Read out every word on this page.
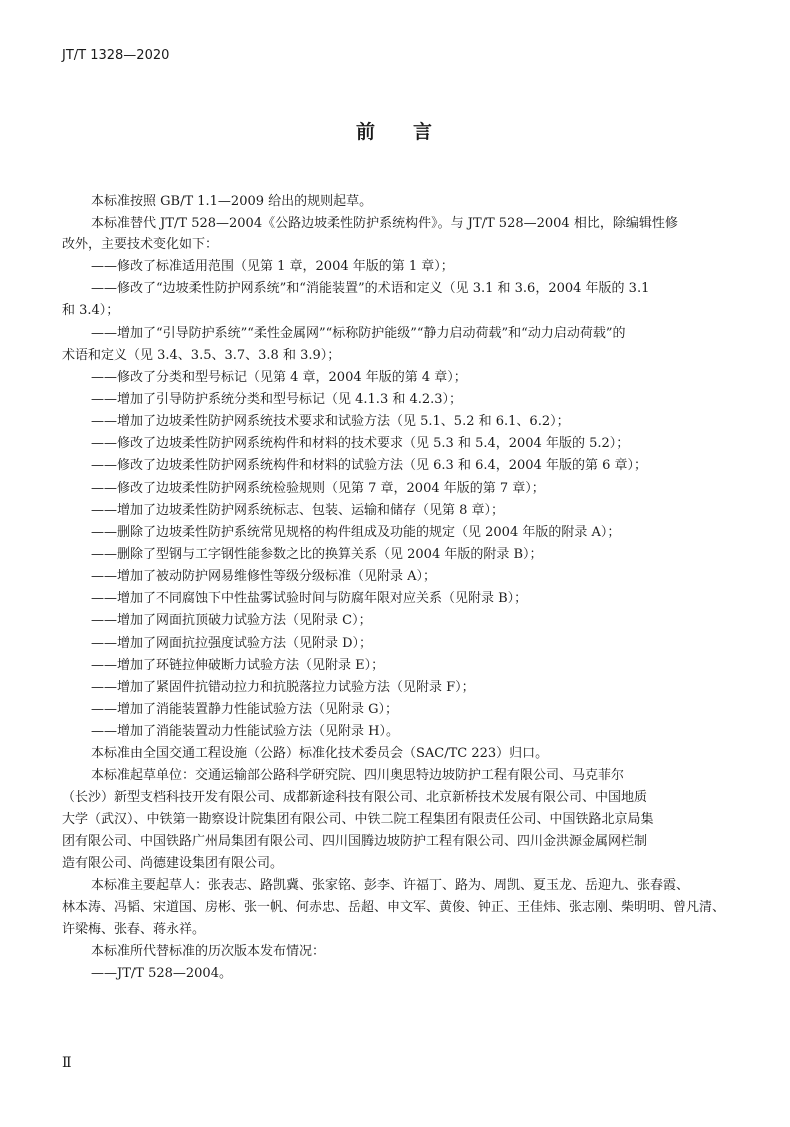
JT/T 1328—2020
前 言
本标准按照 GB/T 1.1—2009 给出的规则起草。
本标准替代 JT/T 528—2004《公路边坡柔性防护系统构件》。与 JT/T 528—2004 相比，除编辑性修
改外，主要技术变化如下：
——修改了标准适用范围（见第 1 章，2004 年版的第 1 章）；
——修改了“边坡柔性防护网系统”和“消能装置”的术语和定义（见 3.1 和 3.6，2004 年版的 3.1
和 3.4）；
——增加了“引导防护系统”“柔性金属网”“标称防护能级”“静力启动荷载”和“动力启动荷载”的
术语和定义（见 3.4、3.5、3.7、3.8 和 3.9）；
——修改了分类和型号标记（见第 4 章，2004 年版的第 4 章）；
——增加了引导防护系统分类和型号标记（见 4.1.3 和 4.2.3）；
——增加了边坡柔性防护网系统技术要求和试验方法（见 5.1、5.2 和 6.1、6.2）；
——修改了边坡柔性防护网系统构件和材料的技术要求（见 5.3 和 5.4，2004 年版的 5.2）；
——修改了边坡柔性防护网系统构件和材料的试验方法（见 6.3 和 6.4，2004 年版的第 6 章）；
——修改了边坡柔性防护网系统检验规则（见第 7 章，2004 年版的第 7 章）；
——增加了边坡柔性防护网系统标志、包装、运输和储存（见第 8 章）；
——删除了边坡柔性防护系统常见规格的构件组成及功能的规定（见 2004 年版的附录 A）；
——删除了型钢与工字钢性能参数之比的换算关系（见 2004 年版的附录 B）；
——增加了被动防护网易维修性等级分级标准（见附录 A）；
——增加了不同腐蚀下中性盐雾试验时间与防腐年限对应关系（见附录 B）；
——增加了网面抗顶破力试验方法（见附录 C）；
——增加了网面抗拉强度试验方法（见附录 D）；
——增加了环链拉伸破断力试验方法（见附录 E）；
——增加了紧固件抗错动拉力和抗脱落拉力试验方法（见附录 F）；
——增加了消能装置静力性能试验方法（见附录 G）；
——增加了消能装置动力性能试验方法（见附录 H）。
本标准由全国交通工程设施（公路）标准化技术委员会（SAC/TC 223）归口。
本标准起草单位：交通运输部公路科学研究院、四川奥思特边坡防护工程有限公司、马克菲尔
（长沙）新型支档科技开发有限公司、成都新途科技有限公司、北京新桥技术发展有限公司、中国地质
大学（武汉）、中铁第一勘察设计院集团有限公司、中铁二院工程集团有限责任公司、中国铁路北京局集
团有限公司、中国铁路广州局集团有限公司、四川国腾边坡防护工程有限公司、四川金洪源金属网栏制
造有限公司、尚德建设集团有限公司。
本标准主要起草人：张表志、路凯冀、张家铭、彭李、许福丁、路为、周凯、夏玉龙、岳迎九、张春霞、
林本涛、冯韬、宋道国、房彬、张一帆、何赤忠、岳超、申文军、黄俊、钟正、王佳炜、张志刚、柴明明、曾凡清、
许梁梅、张春、蒋永祥。
本标准所代替标准的历次版本发布情况：
——JT/T 528—2004。
Ⅱ
